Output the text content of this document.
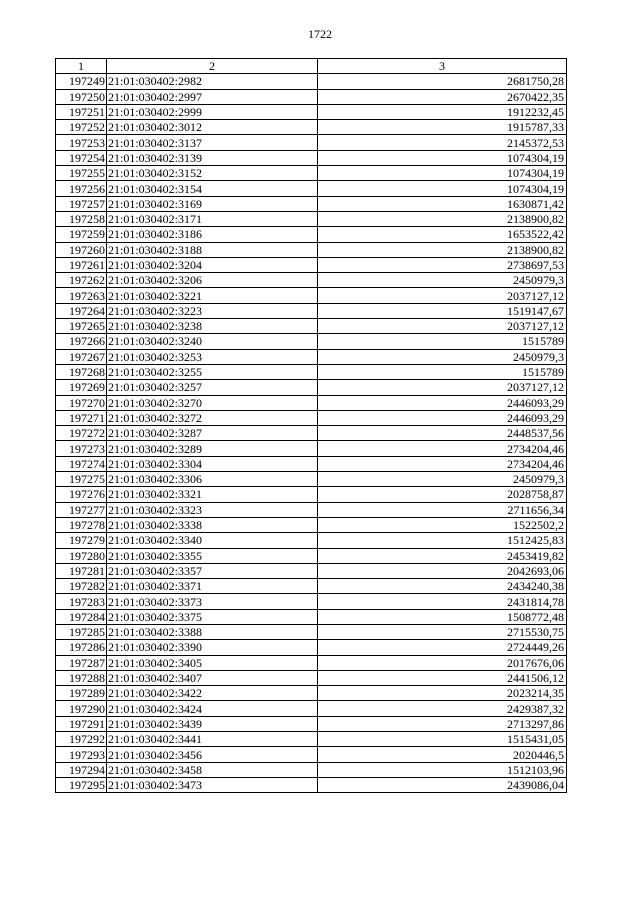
1722
1	2	3
197249	21:01:030402:2982	2681750,28
197250	21:01:030402:2997	2670422,35
197251	21:01:030402:2999	1912232,45
197252	21:01:030402:3012	1915787,33
197253	21:01:030402:3137	2145372,53
197254	21:01:030402:3139	1074304,19
197255	21:01:030402:3152	1074304,19
197256	21:01:030402:3154	1074304,19
197257	21:01:030402:3169	1630871,42
197258	21:01:030402:3171	2138900,82
197259	21:01:030402:3186	1653522,42
197260	21:01:030402:3188	2138900,82
197261	21:01:030402:3204	2738697,53
197262	21:01:030402:3206	2450979,3
197263	21:01:030402:3221	2037127,12
197264	21:01:030402:3223	1519147,67
197265	21:01:030402:3238	2037127,12
197266	21:01:030402:3240	1515789
197267	21:01:030402:3253	2450979,3
197268	21:01:030402:3255	1515789
197269	21:01:030402:3257	2037127,12
197270	21:01:030402:3270	2446093,29
197271	21:01:030402:3272	2446093,29
197272	21:01:030402:3287	2448537,56
197273	21:01:030402:3289	2734204,46
197274	21:01:030402:3304	2734204,46
197275	21:01:030402:3306	2450979,3
197276	21:01:030402:3321	2028758,87
197277	21:01:030402:3323	2711656,34
197278	21:01:030402:3338	1522502,2
197279	21:01:030402:3340	1512425,83
197280	21:01:030402:3355	2453419,82
197281	21:01:030402:3357	2042693,06
197282	21:01:030402:3371	2434240,38
197283	21:01:030402:3373	2431814,78
197284	21:01:030402:3375	1508772,48
197285	21:01:030402:3388	2715530,75
197286	21:01:030402:3390	2724449,26
197287	21:01:030402:3405	2017676,06
197288	21:01:030402:3407	2441506,12
197289	21:01:030402:3422	2023214,35
197290	21:01:030402:3424	2429387,32
197291	21:01:030402:3439	2713297,86
197292	21:01:030402:3441	1515431,05
197293	21:01:030402:3456	2020446,5
197294	21:01:030402:3458	1512103,96
197295	21:01:030402:3473	2439086,04
